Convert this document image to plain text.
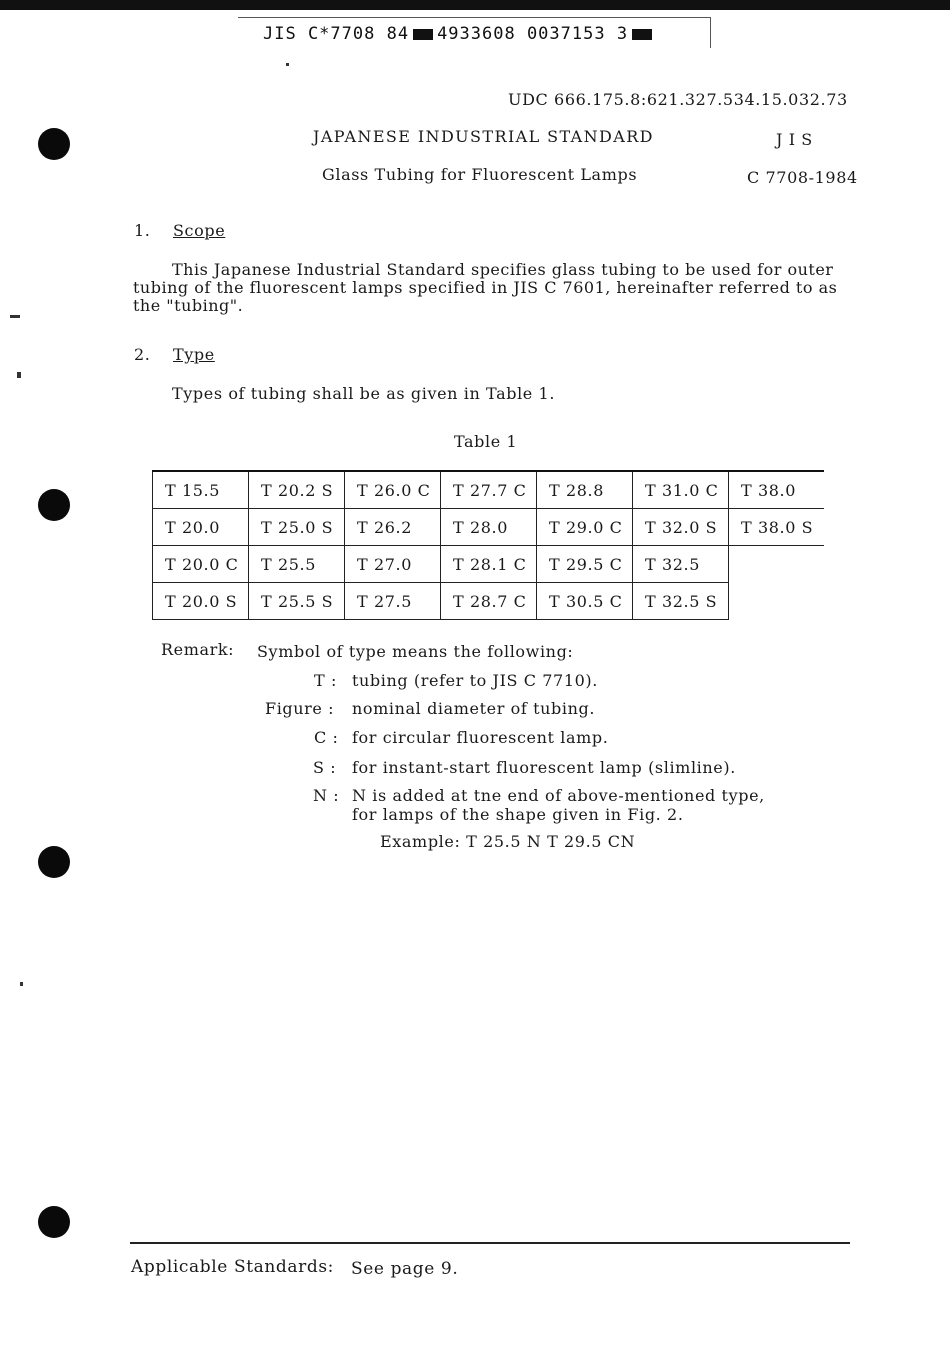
JIS C*7708 84 4933608 0037153 3
UDC 666.175.8:621.327.534.15.032.73
JAPANESE INDUSTRIAL STANDARD	J I S
Glass Tubing for Fluorescent Lamps	C 7708-1984
1. Scope
This Japanese Industrial Standard specifies glass tubing to be used for outer tubing of the fluorescent lamps specified in JIS C 7601, hereinafter referred to as the "tubing".
2. Type
Types of tubing shall be as given in Table 1.
Table 1
T 15.5	T 20.2 S	T 26.0 C	T 27.7 C	T 28.8	T 31.0 C	T 38.0
T 20.0	T 25.0 S	T 26.2	T 28.0	T 29.0 C	T 32.0 S	T 38.0 S
T 20.0 C	T 25.5	T 27.0	T 28.1 C	T 29.5 C	T 32.5	
T 20.0 S	T 25.5 S	T 27.5	T 28.7 C	T 30.5 C	T 32.5 S	
Remark: Symbol of type means the following:
T : tubing (refer to JIS C 7710).
Figure : nominal diameter of tubing.
C : for circular fluorescent lamp.
S : for instant-start fluorescent lamp (slimline).
N : N is added at tne end of above-mentioned type,
for lamps of the shape given in Fig. 2.
Example: T 25.5 N T 29.5 CN
Applicable Standards: See page 9.
